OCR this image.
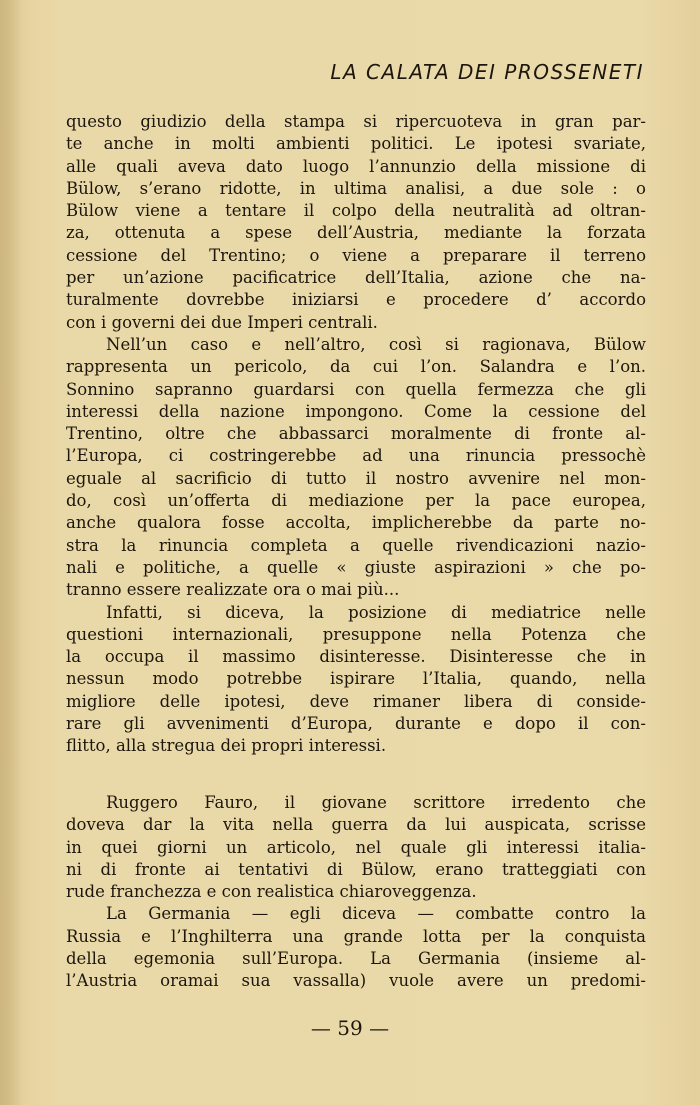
LA CALATA DEI PROSSENETI
questo giudizio della stampa si ripercuoteva in gran par-
te anche in molti ambienti politici. Le ipotesi svariate,
alle quali aveva dato luogo l’annunzio della missione di
Bülow, s’erano ridotte, in ultima analisi, a due sole : o
Bülow viene a tentare il colpo della neutralità ad oltran-
za, ottenuta a spese dell’Austria, mediante la forzata
cessione del Trentino; o viene a preparare il terreno
per un’azione pacificatrice dell’Italia, azione che na-
turalmente dovrebbe iniziarsi e procedere d’ accordo
con i governi dei due Imperi centrali.
Nell’un caso e nell’altro, così si ragionava, Bülow
rappresenta un pericolo, da cui l’on. Salandra e l’on.
Sonnino sapranno guardarsi con quella fermezza che gli
interessi della nazione impongono. Come la cessione del
Trentino, oltre che abbassarci moralmente di fronte al-
l’Europa, ci costringerebbe ad una rinuncia pressochè
eguale al sacrificio di tutto il nostro avvenire nel mon-
do, così un’offerta di mediazione per la pace europea,
anche qualora fosse accolta, implicherebbe da parte no-
stra la rinuncia completa a quelle rivendicazioni nazio-
nali e politiche, a quelle « giuste aspirazioni » che po-
tranno essere realizzate ora o mai più...
Infatti, si diceva, la posizione di mediatrice nelle
questioni internazionali, presuppone nella Potenza che
la occupa il massimo disinteresse. Disinteresse che in
nessun modo potrebbe ispirare l’Italia, quando, nella
migliore delle ipotesi, deve rimaner libera di conside-
rare gli avvenimenti d’Europa, durante e dopo il con-
flitto, alla stregua dei propri interessi.
Ruggero Fauro, il giovane scrittore irredento che
doveva dar la vita nella guerra da lui auspicata, scrisse
in quei giorni un articolo, nel quale gli interessi italia-
ni di fronte ai tentativi di Bülow, erano tratteggiati con
rude franchezza e con realistica chiaroveggenza.
La Germania — egli diceva — combatte contro la
Russia e l’Inghilterra una grande lotta per la conquista
della egemonia sull’Europa. La Germania (insieme al-
l’Austria oramai sua vassalla) vuole avere un predomi-
— 59 —
